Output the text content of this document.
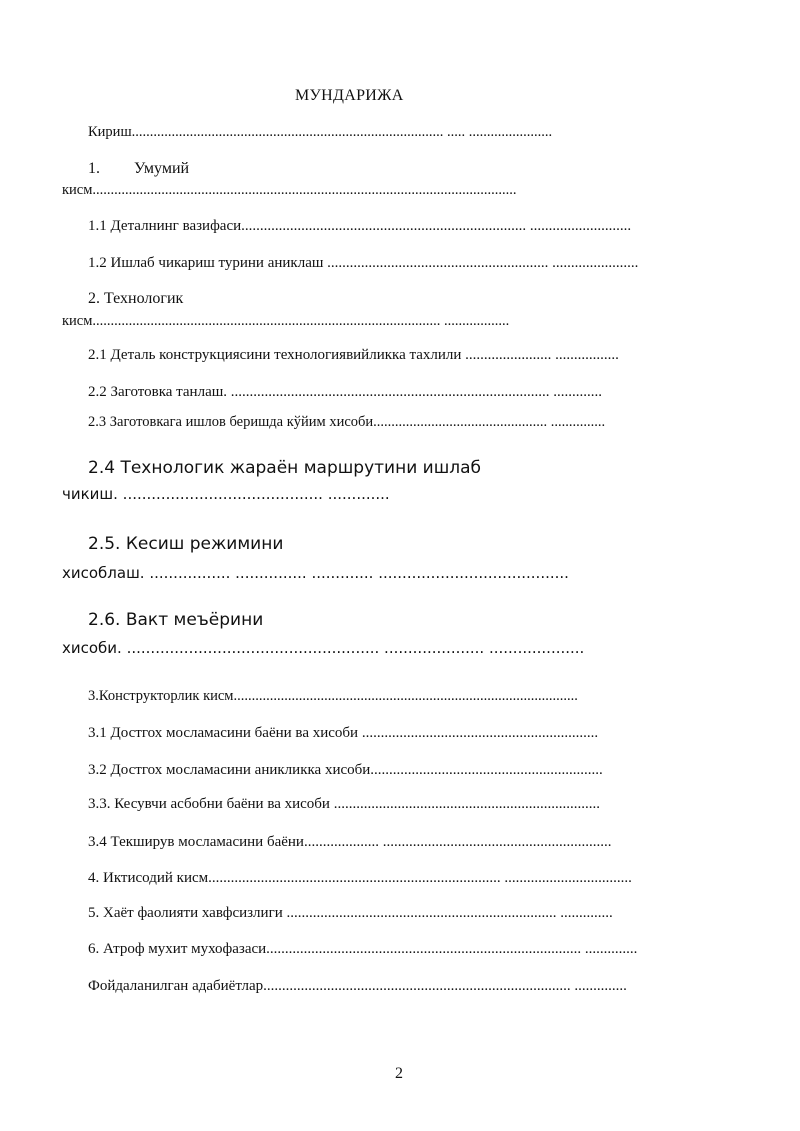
МУНДАРИЖА
Кириш...................................................................................... ..... .......................
1. Умумий
кисм.....................................................................................................................
1.1 Деталнинг вазифаси............................................................................ ...........................
1.2 Ишлаб чикариш турини аниклаш ........................................................... .......................
2. Технологик
кисм................................................................................................ ..................
2.1 Деталь конструкциясини технологиявийликка тахлили ....................... .................
2.2 Заготовка танлаш. ..................................................................................... .............
2.3 Заготовкага ишлов беришда кўйим хисоби................................................ ...............
2.4 Технологик жараён маршрутини ишлаб
чикиш. .......................................... .............
2.5. Кесиш режимини
хисоблаш. ................. ............... ............. ........................................
2.6. Вакт меъёрини
хисоби. ..................................................... ..................... ....................
3.Конструкторлик кисм...............................................................................................
3.1 Достгох мосламасини баёни ва хисоби ...............................................................
3.2 Достгох мосламасини аникликка хисоби..............................................................
3.3. Кесувчи асбобни баёни ва хисоби .......................................................................
3.4 Текширув мосламасини баёни.................... .............................................................
4. Иктисодий кисм.............................................................................. ..................................
5. Хаёт фаолияти хавфсизлиги ........................................................................ ..............
6. Атроф мухит мухофазаси.................................................................................... ..............
Фойдаланилган адабиётлар.................................................................................. ..............
2
